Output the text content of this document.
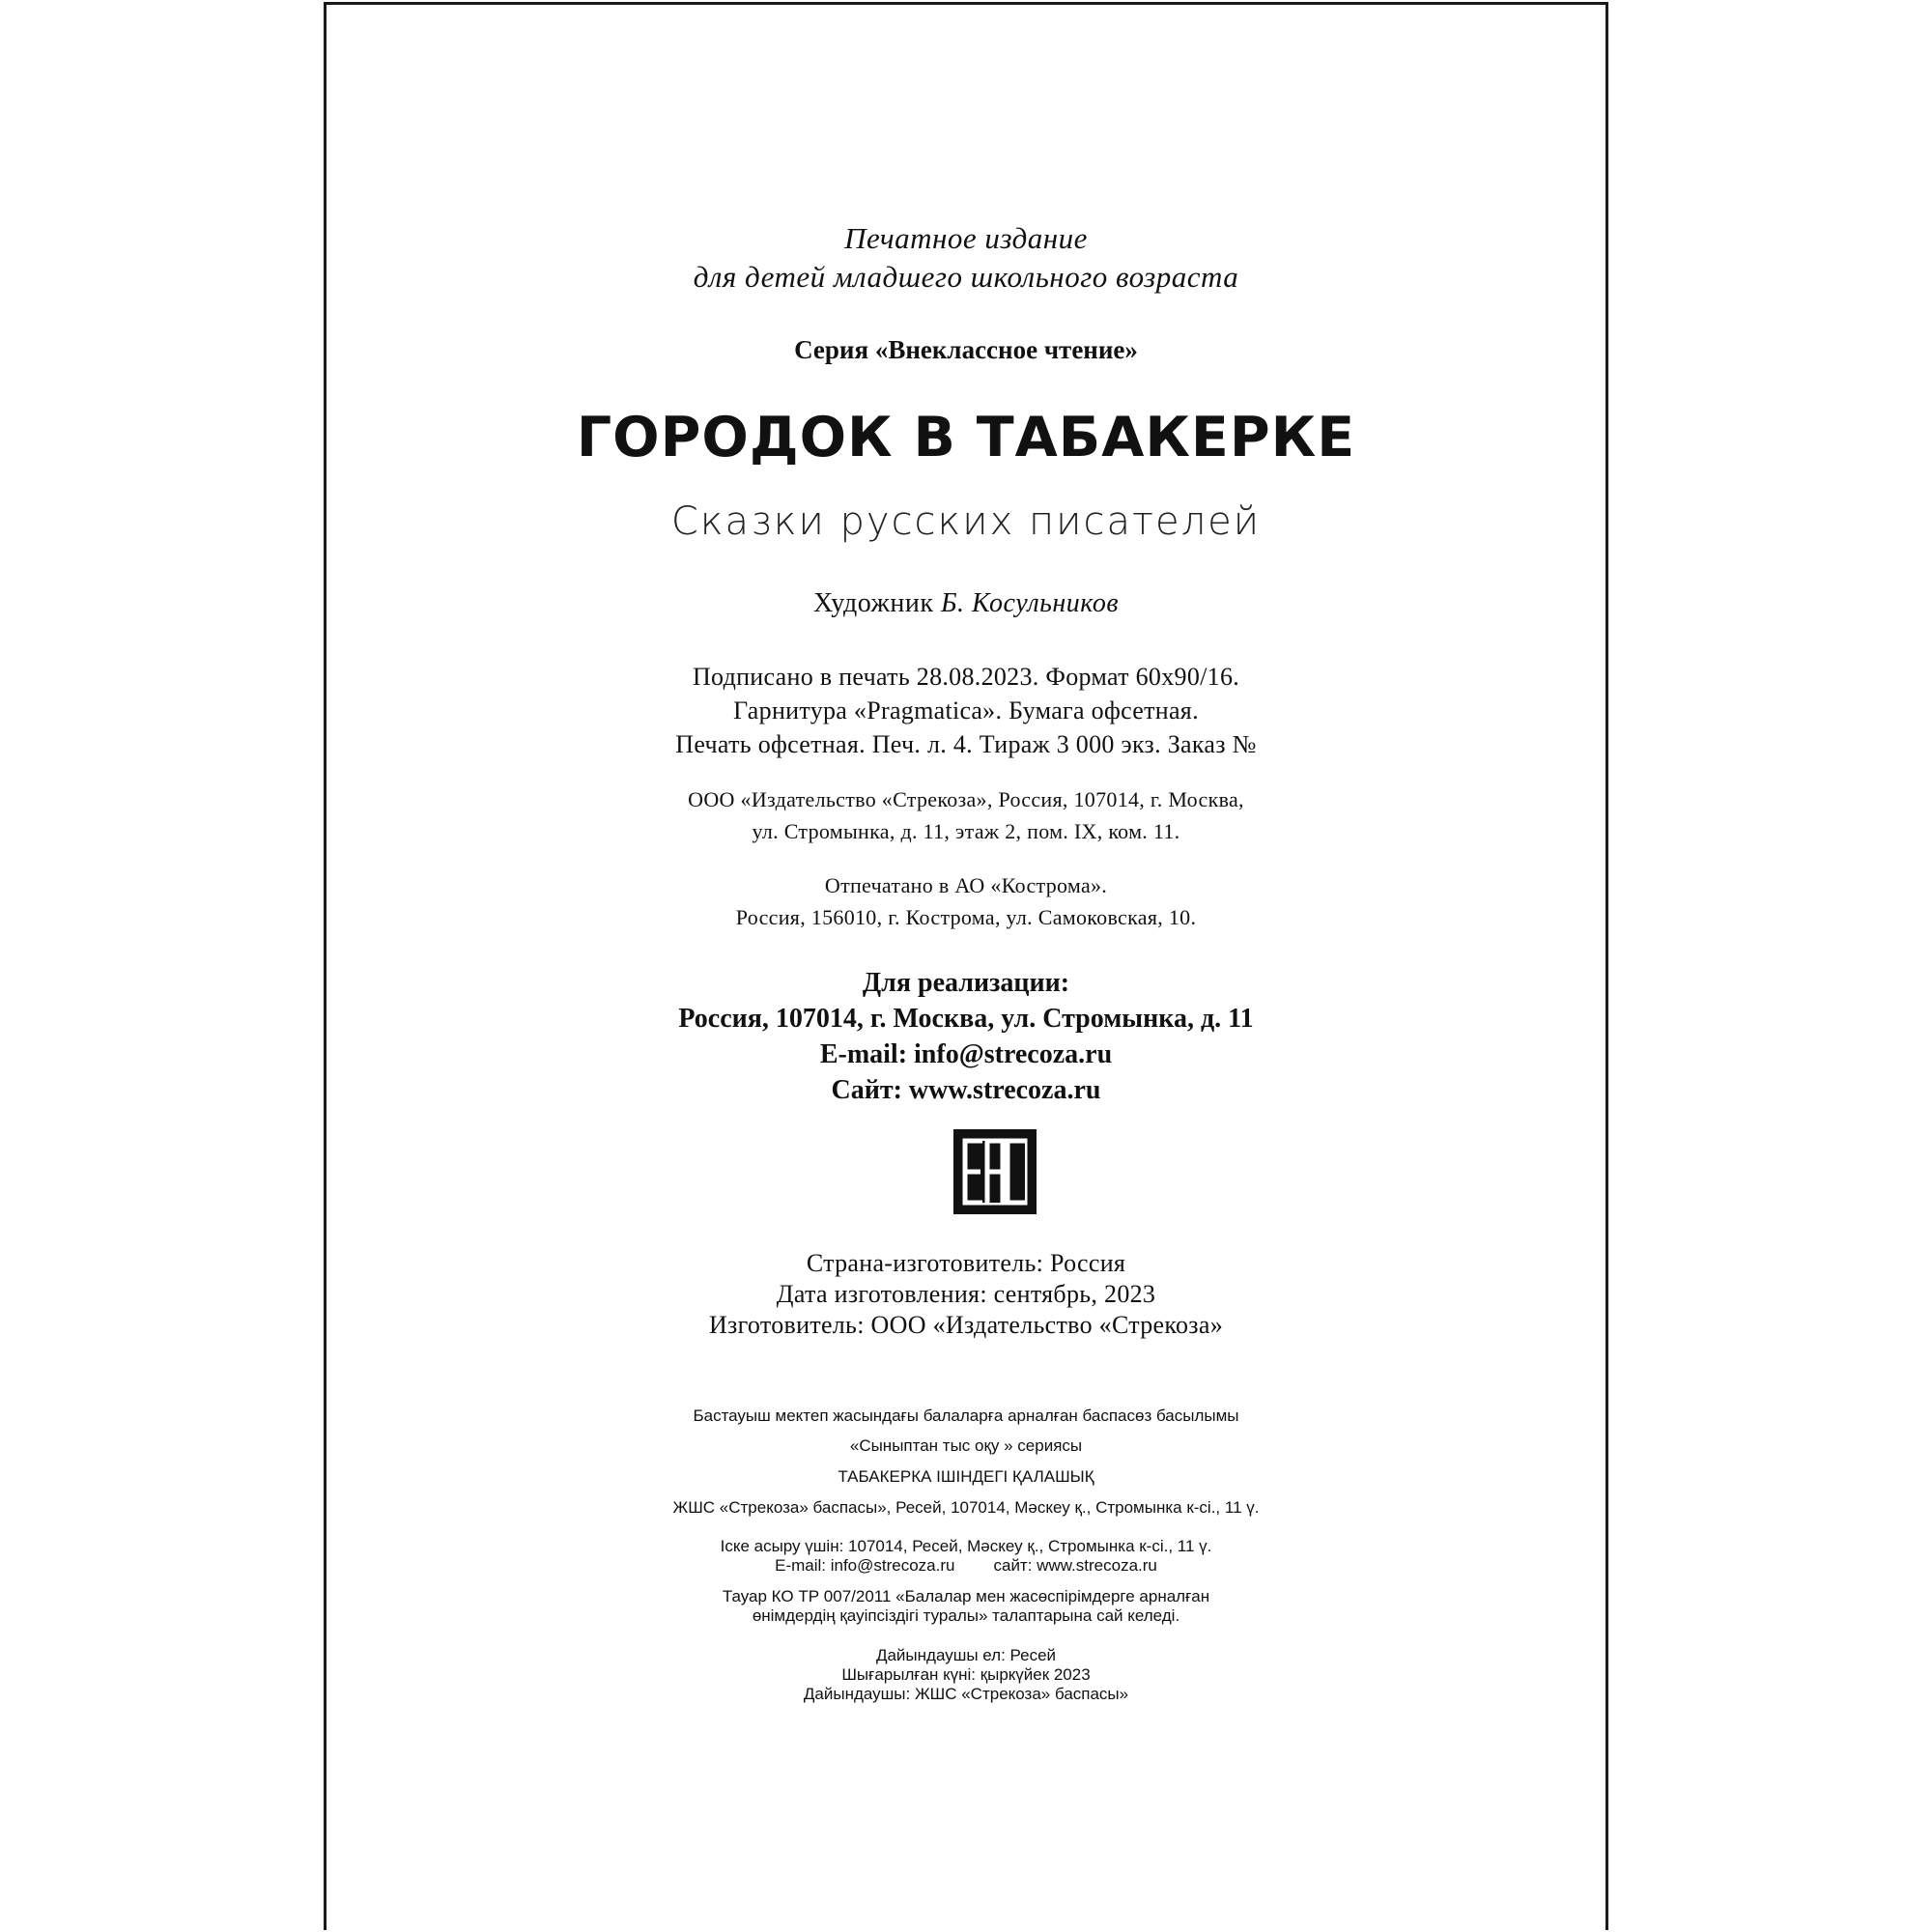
Печатное издание

для детей младшего школьного возраста

Серия «Внеклассное чтение»

ГОРОДОК В ТАБАКЕРКЕ

Сказки русских писателей

Художник Б. Косульников

Подписано в печать 28.08.2023. Формат 60х90/16.

Гарнитура «Pragmatica». Бумага офсетная.

Печать офсетная. Печ. л. 4. Тираж 3 000 экз. Заказ №

ООО «Издательство «Стрекоза», Россия, 107014, г. Москва,

ул. Стромынка, д. 11, этаж 2, пом. IX, ком. 11.

Отпечатано в АО «Кострома».

Россия, 156010, г. Кострома, ул. Самоковская, 10.

Для реализации:

Россия, 107014, г. Москва, ул. Стромынка, д. 11

E-mail: info@strecoza.ru

Сайт: www.strecoza.ru

Страна-изготовитель: Россия

Дата изготовления: сентябрь, 2023

Изготовитель: ООО «Издательство «Стрекоза»

Бастауыш мектеп жасындағы балаларға арналған баспасөз басылымы

«Сыныптан тыс оқу » сериясы

ТАБАКЕРКА ІШІНДЕГІ ҚАЛАШЫҚ

ЖШС «Стрекоза» баспасы», Ресей, 107014, Мәскеу қ., Стромынка к-сі., 11 ү.

Іске асыру үшін: 107014, Ресей, Мәскеу қ., Стромынка к-сі., 11 ү.

E-mail: info@strecoza.ru сайт: www.strecoza.ru

Тауар КО ТР 007/2011 «Балалар мен жасөспірімдерге арналған

өнімдердің қауіпсіздігі туралы» талаптарына сай келеді.

Дайындаушы ел: Ресей

Шығарылған күні: қыркүйек 2023

Дайындаушы: ЖШС «Стрекоза» баспасы»
